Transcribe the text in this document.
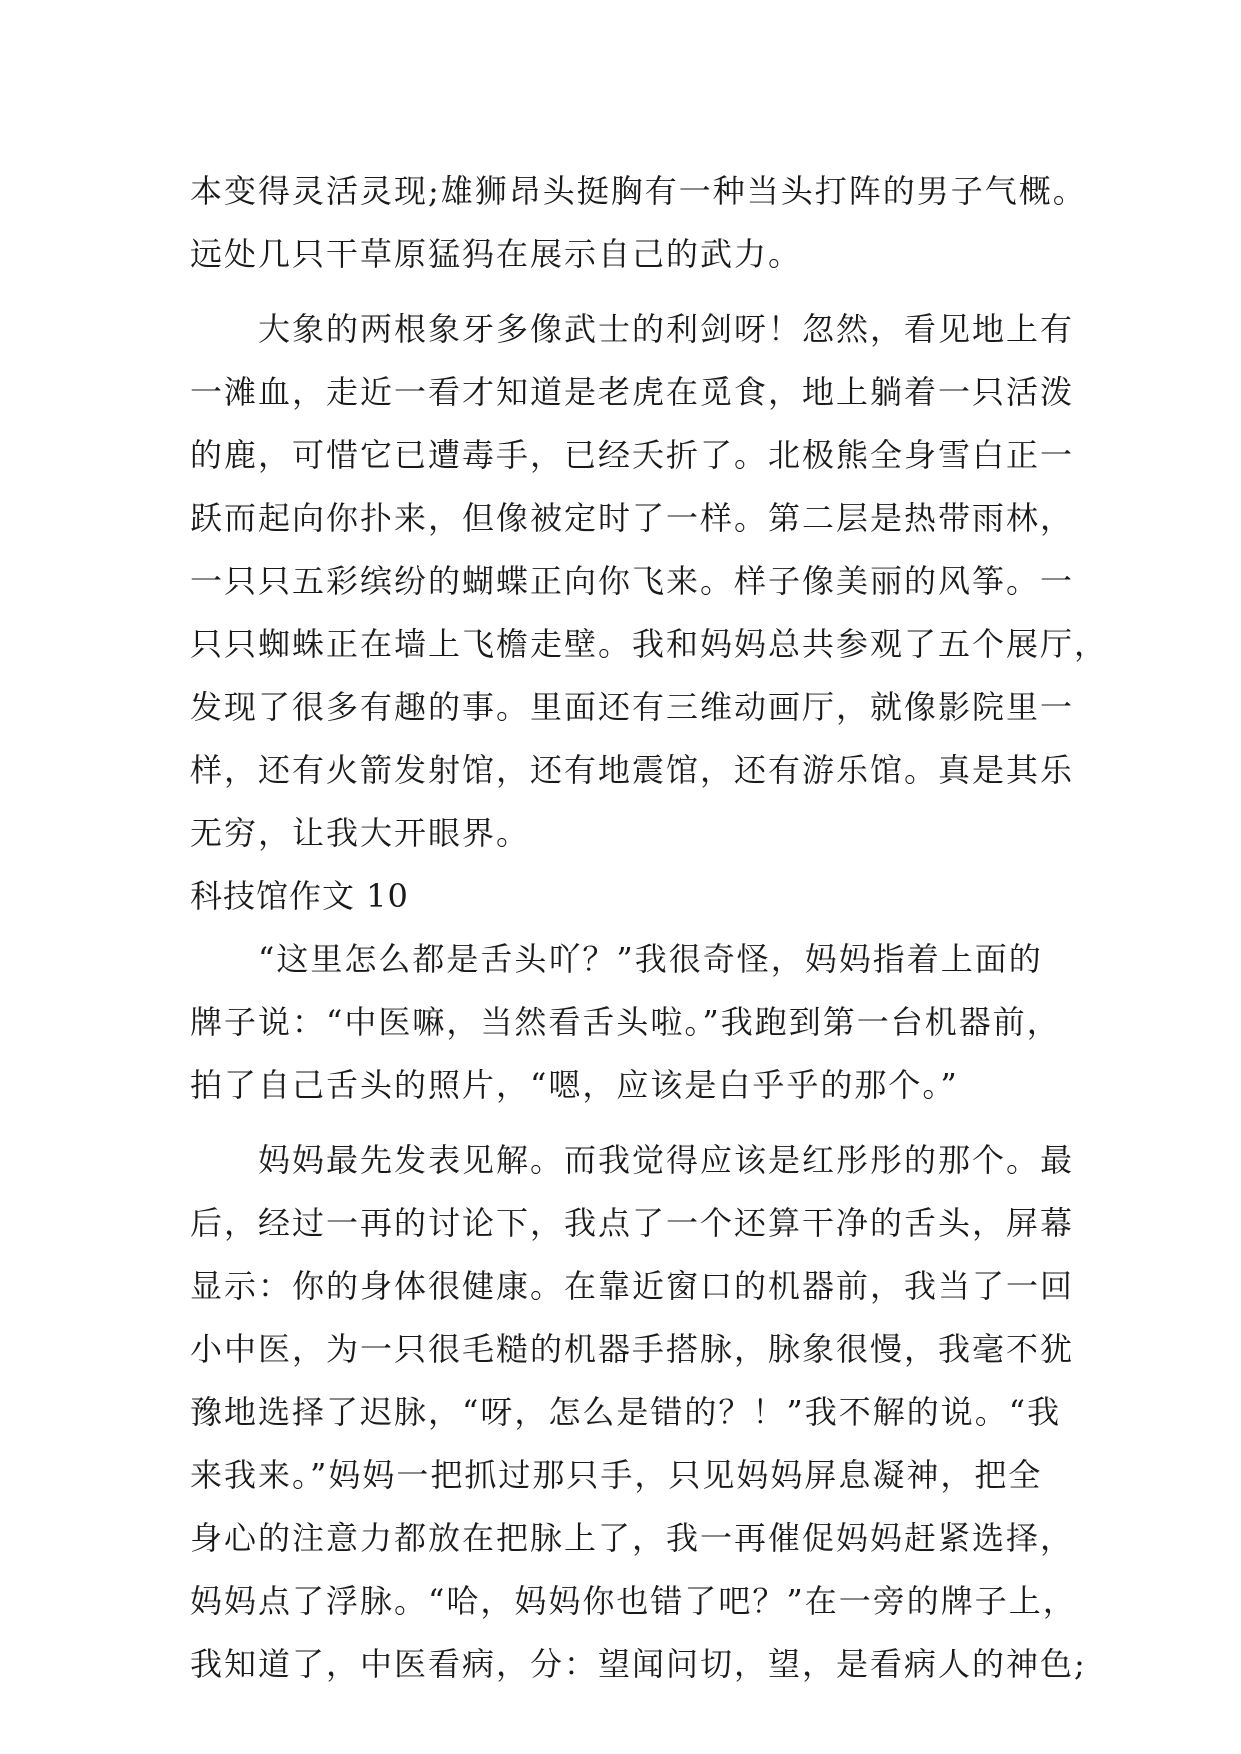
本变得灵活灵现;雄狮昂头挺胸有一种当头打阵的男子气概。
远处几只干草原猛犸在展示自己的武力。
大象的两根象牙多像武士的利剑呀！忽然，看见地上有
一滩血，走近一看才知道是老虎在觅食，地上躺着一只活泼
的鹿，可惜它已遭毒手，已经夭折了。北极熊全身雪白正一
跃而起向你扑来，但像被定时了一样。第二层是热带雨林，
一只只五彩缤纷的蝴蝶正向你飞来。样子像美丽的风筝。一
只只蜘蛛正在墙上飞檐走壁。我和妈妈总共参观了五个展厅，
发现了很多有趣的事。里面还有三维动画厅，就像影院里一
样，还有火箭发射馆，还有地震馆，还有游乐馆。真是其乐
无穷，让我大开眼界。
科技馆作文 10
“这里怎么都是舌头吖？”我很奇怪，妈妈指着上面的
牌子说：“中医嘛，当然看舌头啦。”我跑到第一台机器前，
拍了自己舌头的照片，“嗯，应该是白乎乎的那个。”
妈妈最先发表见解。而我觉得应该是红彤彤的那个。最
后，经过一再的讨论下，我点了一个还算干净的舌头，屏幕
显示：你的身体很健康。在靠近窗口的机器前，我当了一回
小中医，为一只很毛糙的机器手搭脉，脉象很慢，我毫不犹
豫地选择了迟脉，“呀，怎么是错的？！”我不解的说。“我
来我来。”妈妈一把抓过那只手，只见妈妈屏息凝神，把全
身心的注意力都放在把脉上了，我一再催促妈妈赶紧选择，
妈妈点了浮脉。“哈，妈妈你也错了吧？”在一旁的牌子上，
我知道了，中医看病，分：望闻问切，望，是看病人的神色;
